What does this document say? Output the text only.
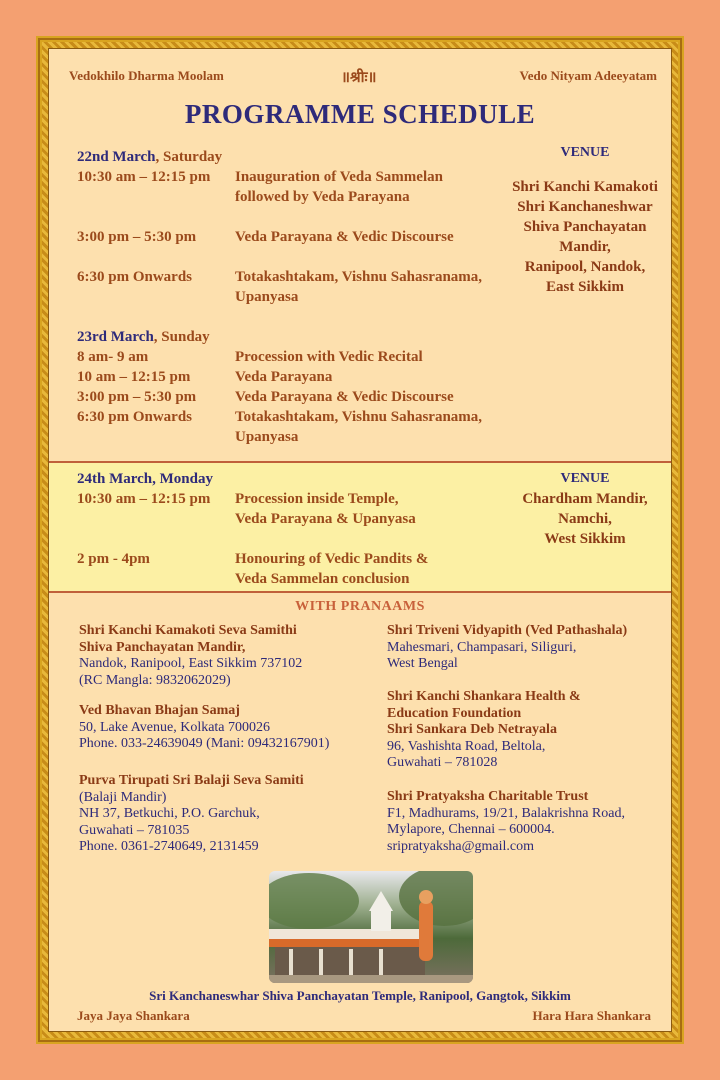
Vedokhilo Dharma Moolam	॥श्रीः॥	Vedo Nityam Adeeyatam
PROGRAMME SCHEDULE
22nd March, Saturday
10:30 am – 12:15 pm Inauguration of Veda Sammelan
followed by Veda Parayana
3:00 pm – 5:30 pm	Veda Parayana & Vedic Discourse
6:30 pm Onwards	Totakashtakam, Vishnu Sahasranama,
Upanyasa
23rd March, Sunday
8 am- 9 am	Procession with Vedic Recital
10 am – 12:15 pm	Veda Parayana
3:00 pm – 5:30 pm	Veda Parayana & Vedic Discourse
6:30 pm Onwards	Totakashtakam, Vishnu Sahasranama,
Upanyasa
VENUE
Shri Kanchi Kamakoti
Shri Kanchaneshwar
Shiva Panchayatan
Mandir,
Ranipool, Nandok,
East Sikkim
24th March, Monday
10:30 am – 12:15 pm Procession inside Temple,
Veda Parayana & Upanyasa
2 pm - 4pm	Honouring of Vedic Pandits &
Veda Sammelan conclusion
VENUE
Chardham Mandir,
Namchi,
West Sikkim
WITH PRANAAMS
Shri Kanchi Kamakoti Seva Samithi
Shiva Panchayatan Mandir,
Nandok, Ranipool, East Sikkim 737102
(RC Mangla: 9832062029)
Ved Bhavan Bhajan Samaj
50, Lake Avenue, Kolkata 700026
Phone. 033-24639049 (Mani: 09432167901)
Purva Tirupati Sri Balaji Seva Samiti
(Balaji Mandir)
NH 37, Betkuchi, P.O. Garchuk,
Guwahati – 781035
Phone. 0361-2740649, 2131459
Shri Triveni Vidyapith (Ved Pathashala)
Mahesmari, Champasari, Siliguri,
West Bengal
Shri Kanchi Shankara Health &
Education Foundation
Shri Sankara Deb Netrayala
96, Vashishta Road, Beltola,
Guwahati – 781028
Shri Pratyaksha Charitable Trust
F1, Madhurams, 19/21, Balakrishna Road,
Mylapore, Chennai – 600004.
sripratyaksha@gmail.com
Sri Kanchaneswhar Shiva Panchayatan Temple, Ranipool, Gangtok, Sikkim
Jaya Jaya Shankara	Hara Hara Shankara
